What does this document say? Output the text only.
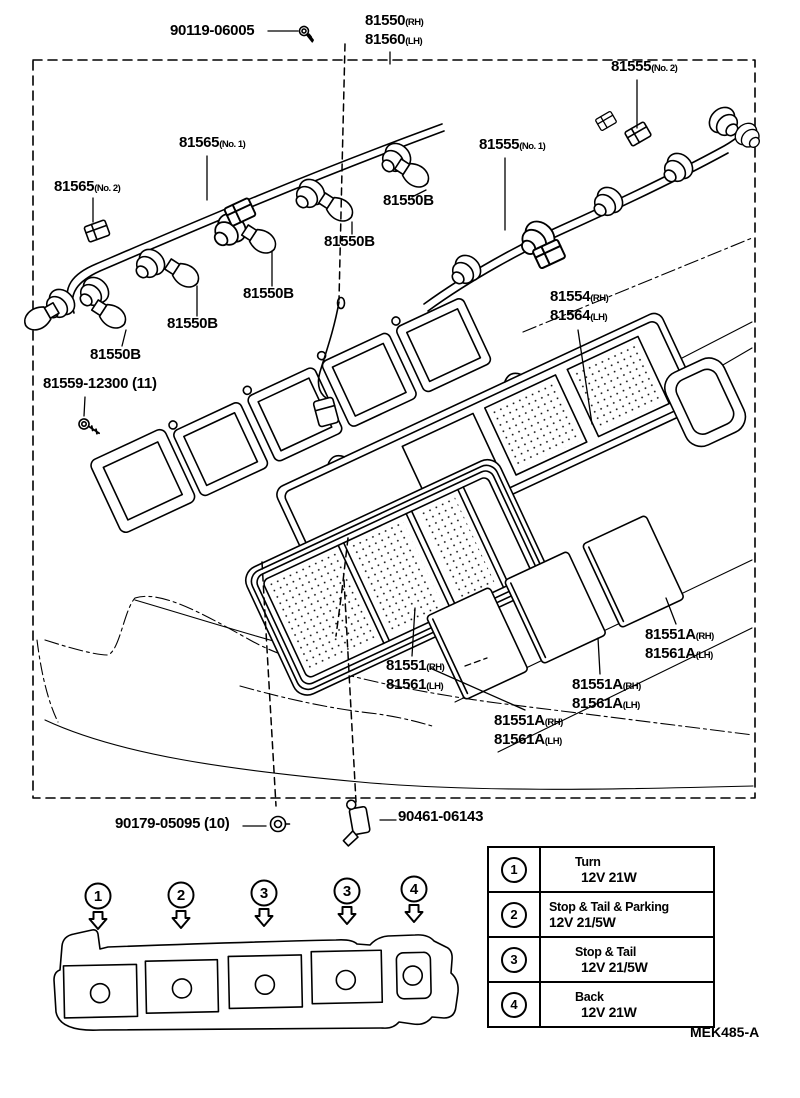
1	2	3	3	4
90119-06005
81550 (RH)
81560 (LH)
81555 (No. 2)
81565 (No. 1)	81555 (No. 1)
81565 (No. 2)
81550B
81550B
81550B
81550B
81550B
81559-12300 (11)
81554 (RH)
81564 (LH)
81551 (RH)
81561 (LH)
81551A (RH)
81561A (LH)
81551A (RH)
81561A (LH)
81551A (RH)
81561A (LH)
90179-05095 (10)	90461-06143
1
Turn
12V 21W
2
Stop & Tail & Parking
12V 21/5W
3
Stop & Tail
12V 21/5W
4
Back
12V 21W
MEK485-A
